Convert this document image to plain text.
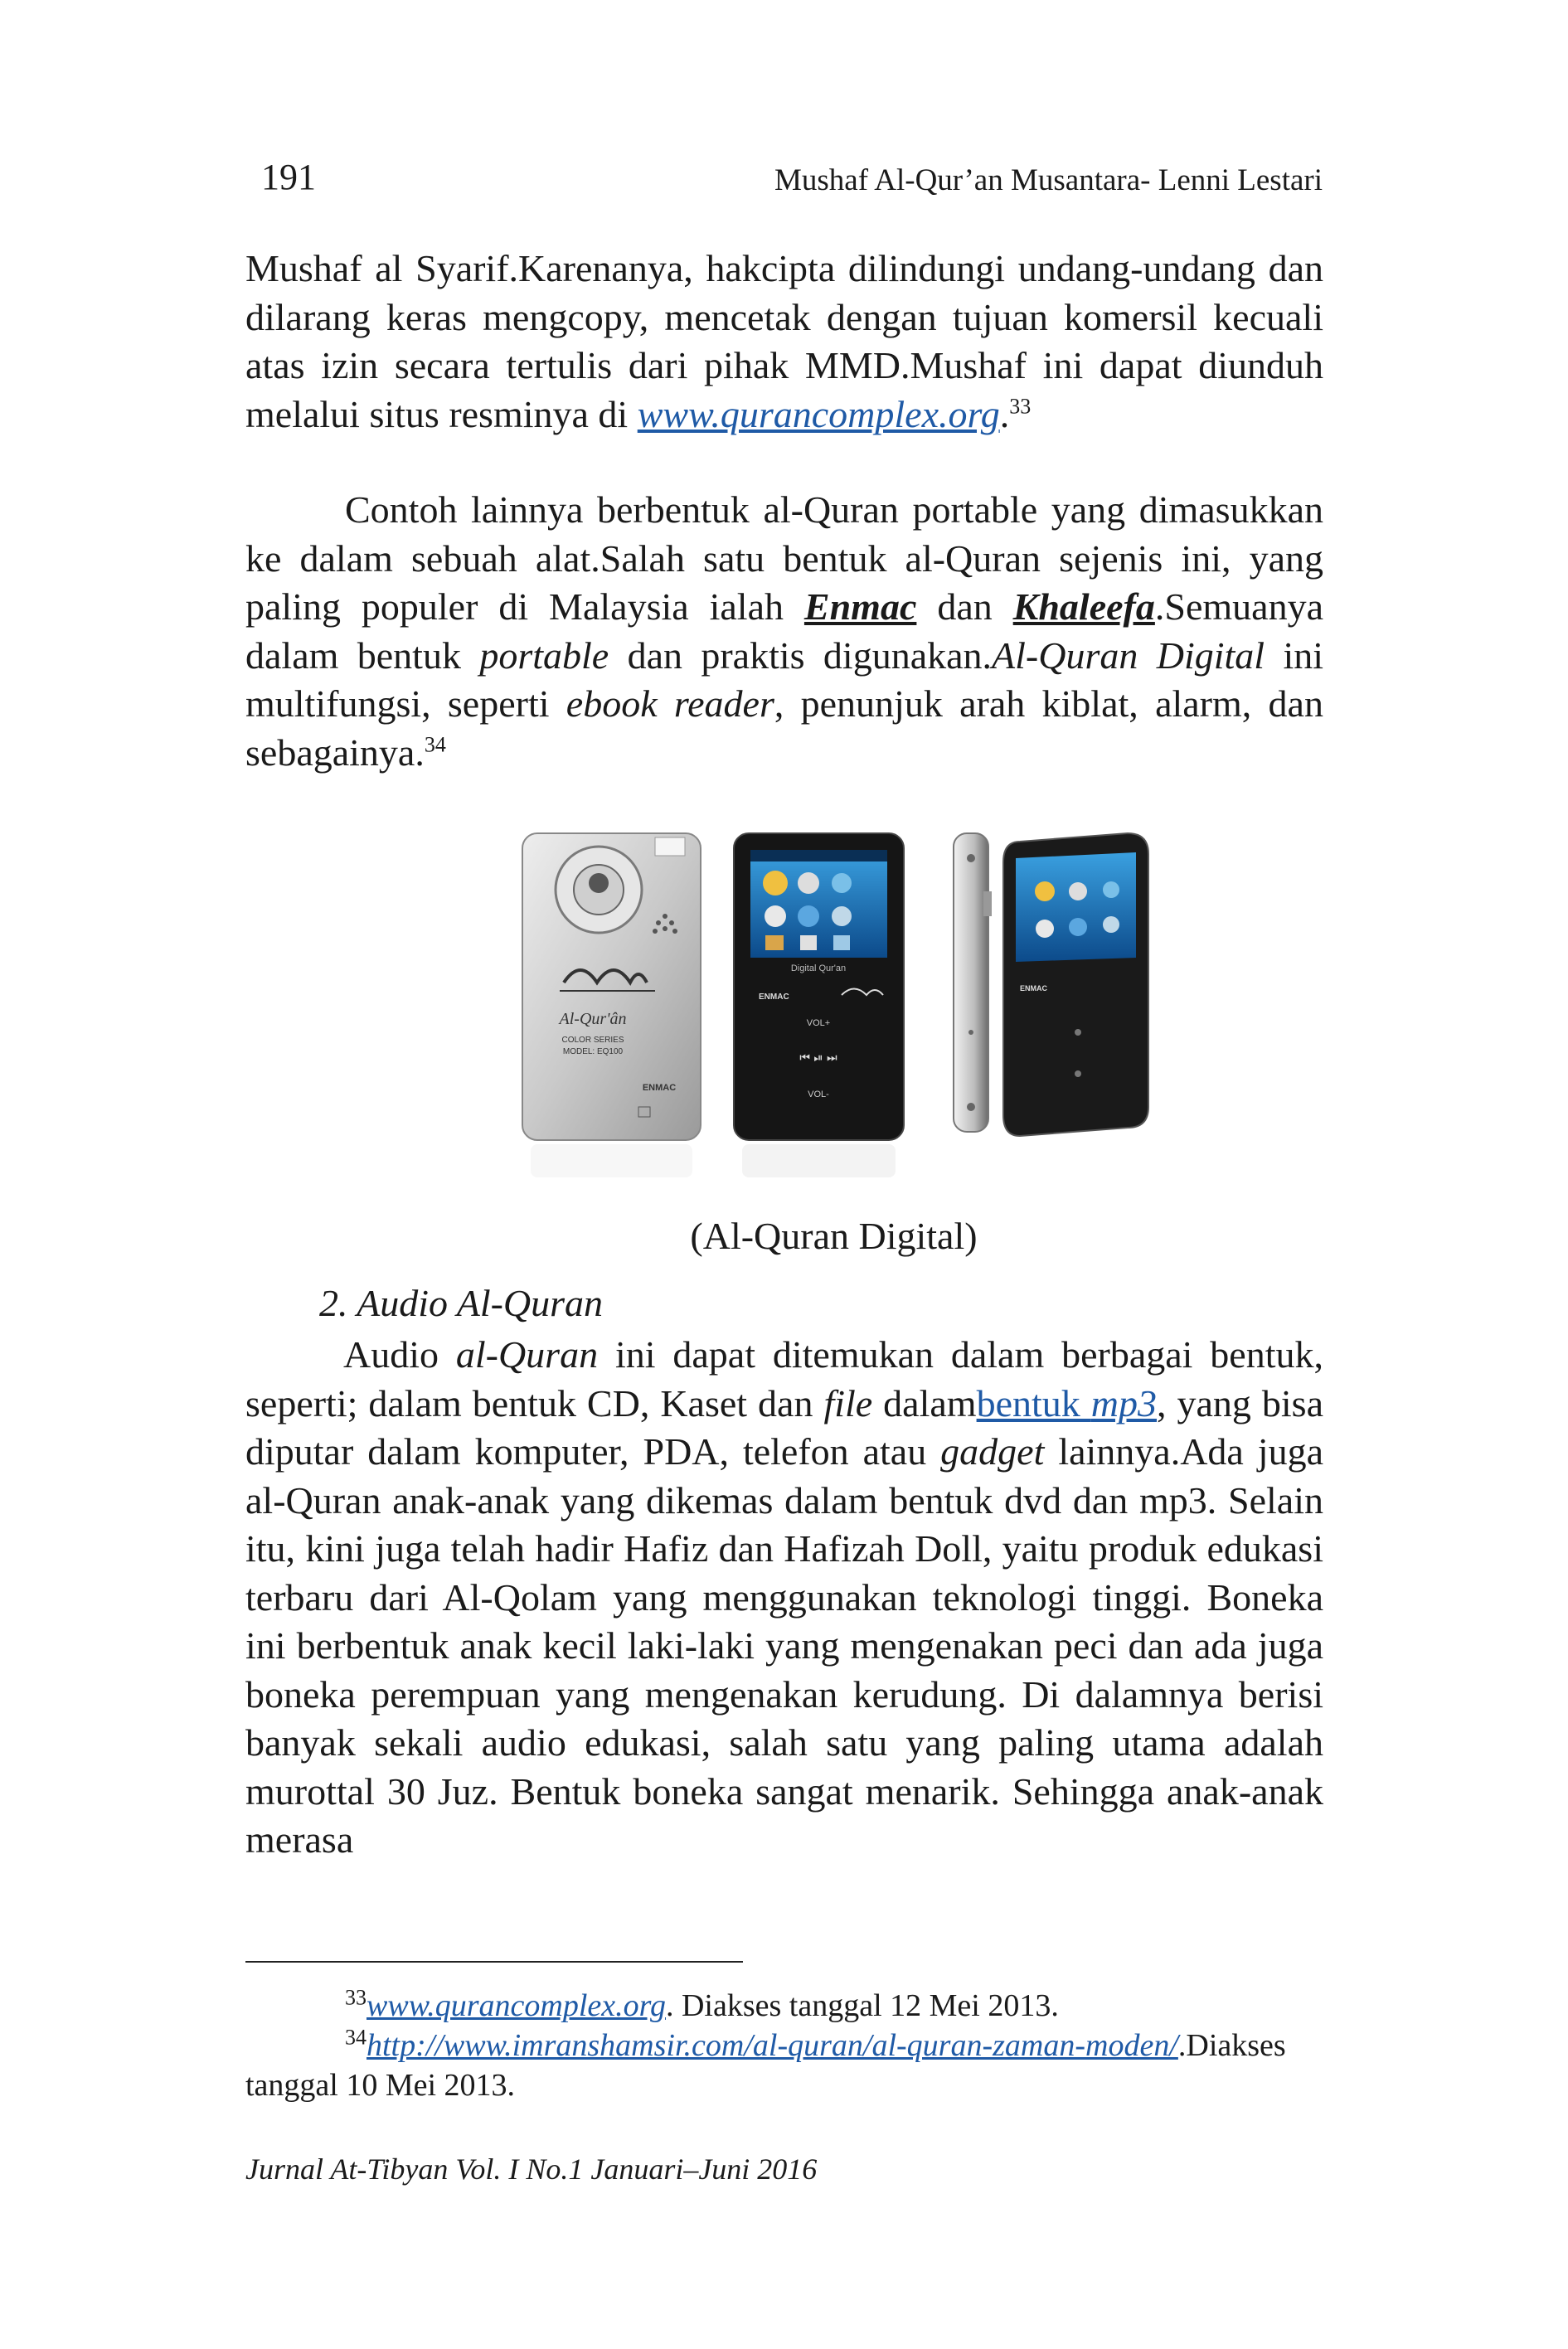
191	Mushaf Al-Qur’an Musantara- Lenni Lestari

Mushaf al Syarif.Karenanya, hakcipta dilindungi undang-undang dan dilarang keras mengcopy, mencetak dengan tujuan komersil kecuali atas izin secara tertulis dari pihak MMD.Mushaf ini dapat diunduh melalui situs resminya di www.qurancomplex.org.$^{33}$

Contoh lainnya berbentuk al-Quran portable yang dimasukkan ke dalam sebuah alat.Salah satu bentuk al-Quran sejenis ini, yang paling populer di Malaysia ialah Enmac dan Khaleefa.Semuanya dalam bentuk portable dan praktis digunakan.Al-Quran Digital ini multifungsi, seperti ebook reader, penunjuk arah kiblat, alarm, dan sebagainya.$^{34}$

Al-Qur'ân
COLOR SERIES
MODEL: EQ100
ENMAC
Digital Qur'an
ENMAC
VOL+
⏮ ⏯ ⏭
VOL-
ENMAC
(Al-Quran Digital)
2. Audio Al-Quran

Audio al-Quran ini dapat ditemukan dalam berbagai bentuk, seperti; dalam bentuk CD, Kaset dan file dalambentuk mp3, yang bisa diputar dalam komputer, PDA, telefon atau gadget lainnya.Ada juga al-Quran anak-anak yang dikemas dalam bentuk dvd dan mp3. Selain itu, kini juga telah hadir Hafiz dan Hafizah Doll, yaitu produk edukasi terbaru dari Al-Qolam yang menggunakan teknologi tinggi. Boneka ini berbentuk anak kecil laki-laki yang mengenakan peci dan ada juga boneka perempuan yang mengenakan kerudung. Di dalamnya berisi banyak sekali audio edukasi, salah satu yang paling utama adalah murottal 30 Juz. Bentuk boneka sangat menarik. Sehingga anak-anak merasa

$^{33}$www.qurancomplex.org. Diakses tanggal 12 Mei 2013.

$^{34}$http://www.imranshamsir.com/al-quran/al-quran-zaman-moden/.Diakses tanggal 10 Mei 2013.

Jurnal At-Tibyan Vol. I No.1 Januari–Juni 2016
